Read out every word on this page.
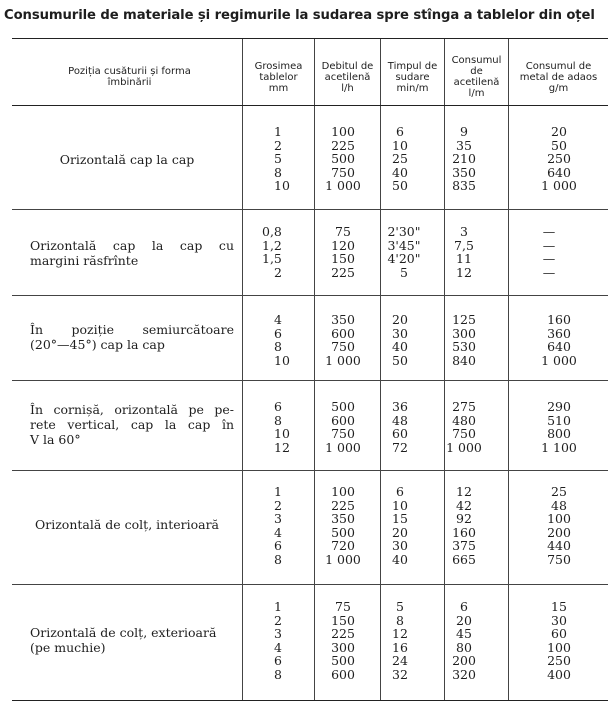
Consumurile de materiale și regimurile la sudarea spre stînga a tablelor din oțel
Poziția cusăturii și forma
îmbinării
Grosimea
tablelor
mm
Debitul de
acetilenă
l/h
Timpul de
sudare
min/m
Consumul
de
acetilenă
l/m
Consumul de
metal de adaos
g/m
Orizontală cap la cap
1
2
5
8
10
100
225
500
750
1 000
6
10
25
40
50
9
35
210
350
835
20
50
250
640
1 000
Orizontală cap la cap cu
margini răsfrînte
0,8
1,2
1,5
2
75
120
150
225
2'30"
3'45"
4'20"
5
3
7,5
11
12
—
—
—
—
În poziție semiurcătoare
(20°—45°) cap la cap
4
6
8
10
350
600
750
1 000
20
30
40
50
125
300
530
840
160
360
640
1 000
În cornișă, orizontală pe pe-
rete vertical, cap la cap în
V la 60°
6
8
10
12
500
600
750
1 000
36
48
60
72
275
480
750
1 000
290
510
800
1 100
Orizontală de colț, interioară
1
2
3
4
6
8
100
225
350
500
720
1 000
6
10
15
20
30
40
12
42
92
160
375
665
25
48
100
200
440
750
Orizontală de colț, exterioară
(pe muchie)
1
2
3
4
6
8
75
150
225
300
500
600
5
8
12
16
24
32
6
20
45
80
200
320
15
30
60
100
250
400
